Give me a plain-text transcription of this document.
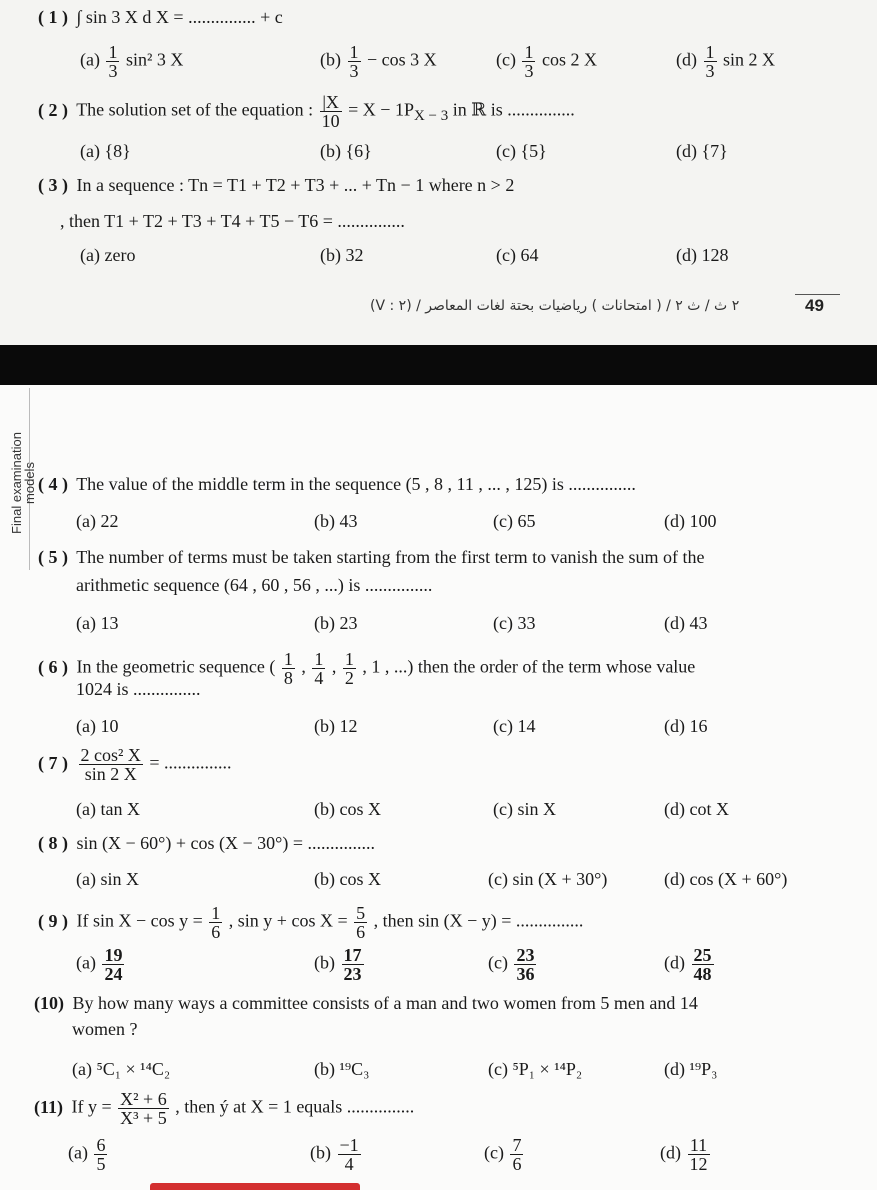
( 1 ) ∫ sin 3 X d X = ............... + c
$(a) \frac{1}{3} \sin^2$ 3 X	$(b) \frac{1}{3} - \cos 3$ X	$(c) \frac{1}{3}$ cos 2 X	$(d) \frac{1}{3}$ sin 2 X
( 2 ) The solution set of the equation : $\frac{|X}{10} = X - 1P_{X - 3}$ in ℝ is ...............
(a) {8}	(b) {6}	(c) {5}	(d) {7}
( 3 ) In a sequence : Tn = T1 + T2 + T3 + ... + Tn − 1 where n > 2
, then T1 + T2 + T3 + T4 + T5 − T6 = ...............
(a) zero	(b) 32	(c) 64	(d) 128
(V : ٢) / ٢ ث / ث ٢ / ( امتحانات ) رياضيات بحتة لغات المعاصر	49
Final examination
models ( 4 ) The value of the middle term in the sequence (5 , 8 , 11 , ... , 125) is ...............
(a) 22	(b) 43	(c) 65	(d) 100
( 5 ) The number of terms must be taken starting from the first term to vanish the sum of the
arithmetic sequence (64 , 60 , 56 , ...) is ...............
(a) 13	(b) 23	(c) 33	(d) 43
( 6 ) In the geometric sequence ( $\frac{1}{8}$ , $\frac{1}{4}$ , $\frac{1}{2}$ , 1 , ...) then the order of the term whose value
1024 is ...............
(a) 10	(b) 12	(c) 14	(d) 16
( 7 ) $\frac{\text{2 cos² X}}{\sin 2 X}$ = ...............
(a) tan X	(b) cos X	(c) sin X	(d) cot X
( 8 ) sin (X − 60°) + cos (X − 30°) = ...............
(a) sin X	(b) cos X	(c) sin (X + 30°)	(d) cos (X + 60°)
( 9 ) If $\sin X - \cos y = \frac{1}{6}$ , $\sin y + \cos X = \frac{5}{6}$ , then sin (X − y) = ...............
$(a) \frac{19}{24}$	$(b) \frac{17}{23}$	$(c) \frac{23}{36}$	$(d) \frac{25}{48}$
(10) By how many ways a committee consists of a man and two women from 5 men and 14
women ?
(a) ⁵C₁ × ¹⁴C₂	(b) ¹⁹C₃	(c) ⁵P₁ × ¹⁴P₂	(d) ¹⁹P₃
(11) If $y = \frac{\text{X² + 6}}{\text{X³ + 5}}$ , then ý at X = 1 equals ...............
$(a) \frac{6}{5}$	$(b) \frac{-1}{4}$	$(c) \frac{7}{6}$	$(d) \frac{11}{12}$
